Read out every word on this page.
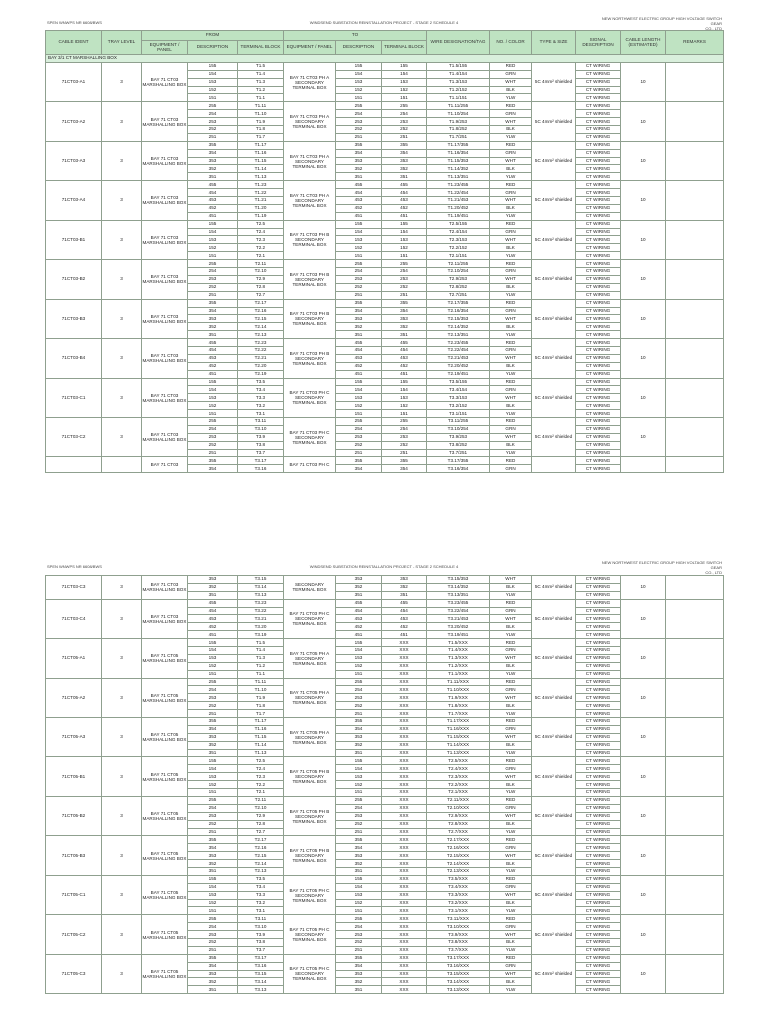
SPEN WNWPS NR 6608/BWS	WINDSEND SUBSTATION REINSTALLATION PROJECT - STAGE 2 SCHEDULE 4
NEW NORTHWEST ELECTRIC GROUP HIGH VOLTAGE SWITCH GEAR
CO., LTD
CABLE IDENT	TRAY LEVEL	FROM			TO			WIRE DESIGNATION/TAG	NO. / COLOR	TYPE & SIZE	SIGNAL DESCRIPTION	CABLE LENGTH (ESTIMATED)	REMARKS
		EQUIPMENT / PANEL	DESCRIPTION	TERMINAL BLOCK	EQUIPMENT / PANEL	DESCRIPTION	TERMINAL BLOCK						
BAY 3/1 CT MARSHALLING BOX													
71CT03-A1	3	BAY 71 CT03 MARSHALLING BOX	155	T1.5	BAY 71 CT03 PH A SECONDARY TERMINAL BOX	155	155	T1.5/155	RED	5C 4mm² shielded	CT WIRING	10	
			154	T1.4		154	154	T1.4/154	GRN		CT WIRING		
			153	T1.3		153	153	T1.3/153	WHT		CT WIRING		
			152	T1.2		152	152	T1.2/152	BLK		CT WIRING		
			151	T1.1		151	151	T1.1/151	YLW		CT WIRING		
71CT03-A2	3	BAY 71 CT03 MARSHALLING BOX	255	T1.11	BAY 71 CT03 PH A SECONDARY TERMINAL BOX	255	255	T1.11/255	RED	5C 4mm² shielded	CT WIRING	10	
			254	T1.10		254	254	T1.10/254	GRN		CT WIRING		
			253	T1.9		253	253	T1.9/253	WHT		CT WIRING		
			252	T1.8		252	252	T1.8/252	BLK		CT WIRING		
			251	T1.7		251	251	T1.7/251	YLW		CT WIRING		
71CT03-A3	3	BAY 71 CT03 MARSHALLING BOX	355	T1.17	BAY 71 CT03 PH A SECONDARY TERMINAL BOX	355	355	T1.17/355	RED	5C 4mm² shielded	CT WIRING	10	
			354	T1.16		354	354	T1.16/354	GRN		CT WIRING		
			353	T1.15		353	353	T1.15/353	WHT		CT WIRING		
			352	T1.14		352	352	T1.14/352	BLK		CT WIRING		
			351	T1.13		351	351	T1.13/351	YLW		CT WIRING		
71CT03-A4	3	BAY 71 CT03 MARSHALLING BOX	455	T1.23	BAY 71 CT03 PH A SECONDARY TERMINAL BOX	455	455	T1.23/455	RED	5C 4mm² shielded	CT WIRING	10	
			454	T1.22		454	454	T1.22/454	GRN		CT WIRING		
			453	T1.21		453	453	T1.21/453	WHT		CT WIRING		
			452	T1.20		452	452	T1.20/452	BLK		CT WIRING		
			451	T1.19		451	451	T1.19/451	YLW		CT WIRING		
71CT03-B1	3	BAY 71 CT03 MARSHALLING BOX	155	T2.5	BAY 71 CT03 PH B SECONDARY TERMINAL BOX	155	155	T2.5/155	RED	5C 4mm² shielded	CT WIRING	10	
			154	T2.4		154	154	T2.4/154	GRN		CT WIRING		
			153	T2.3		153	153	T2.3/153	WHT		CT WIRING		
			152	T2.2		152	152	T2.2/152	BLK		CT WIRING		
			151	T2.1		151	151	T2.1/151	YLW		CT WIRING		
71CT03-B2	3	BAY 71 CT03 MARSHALLING BOX	255	T2.11	BAY 71 CT03 PH B SECONDARY TERMINAL BOX	255	255	T2.11/255	RED	5C 4mm² shielded	CT WIRING	10	
			254	T2.10		254	254	T2.10/254	GRN		CT WIRING		
			253	T2.9		253	253	T2.9/253	WHT		CT WIRING		
			252	T2.8		252	252	T2.8/252	BLK		CT WIRING		
			251	T2.7		251	251	T2.7/251	YLW		CT WIRING		
71CT03-B3	3	BAY 71 CT03 MARSHALLING BOX	355	T2.17	BAY 71 CT03 PH B SECONDARY TERMINAL BOX	355	355	T2.17/355	RED	5C 4mm² shielded	CT WIRING	10	
			354	T2.16		354	354	T2.16/354	GRN		CT WIRING		
			353	T2.15		353	353	T2.15/353	WHT		CT WIRING		
			352	T2.14		352	352	T2.14/352	BLK		CT WIRING		
			351	T2.13		351	351	T2.13/351	YLW		CT WIRING		
71CT03-B4	3	BAY 71 CT03 MARSHALLING BOX	455	T2.23	BAY 71 CT03 PH B SECONDARY TERMINAL BOX	455	455	T2.23/455	RED	5C 4mm² shielded	CT WIRING	10	
			454	T2.22		454	454	T2.22/454	GRN		CT WIRING		
			453	T2.21		453	453	T2.21/453	WHT		CT WIRING		
			452	T2.20		452	452	T2.20/452	BLK		CT WIRING		
			451	T2.19		451	451	T2.19/451	YLW		CT WIRING		
71CT03-C1	3	BAY 71 CT03 MARSHALLING BOX	155	T3.5	BAY 71 CT03 PH C SECONDARY TERMINAL BOX	155	155	T3.5/155	RED	5C 4mm² shielded	CT WIRING	10	
			154	T3.4		154	154	T3.4/154	GRN		CT WIRING		
			153	T3.3		153	153	T3.3/153	WHT		CT WIRING		
			152	T3.2		152	152	T3.2/152	BLK		CT WIRING		
			151	T3.1		151	151	T3.1/151	YLW		CT WIRING		
71CT03-C2	3	BAY 71 CT03 MARSHALLING BOX	255	T3.11	BAY 71 CT03 PH C SECONDARY TERMINAL BOX	255	255	T3.11/255	RED	5C 4mm² shielded	CT WIRING	10	
			254	T3.10		254	254	T3.10/254	GRN		CT WIRING		
			253	T3.9		253	253	T3.9/253	WHT		CT WIRING		
			252	T3.8		252	252	T3.8/252	BLK		CT WIRING		
			251	T3.7		251	251	T3.7/251	YLW		CT WIRING		
		BAY 71 CT03	355	T3.17	BAY 71 CT03 PH C	355	355	T3.17/355	RED		CT WIRING		
			354	T3.16		354	354	T3.16/354	GRN		CT WIRING		
SPEN WNWPS NR 6608/BWS	WINDSEND SUBSTATION REINSTALLATION PROJECT - STAGE 2 SCHEDULE 4
NEW NORTHWEST ELECTRIC GROUP HIGH VOLTAGE SWITCH GEAR
CO., LTD
71CT03-C3	3	BAY 71 CT03 MARSHALLING BOX	353	T3.15	SECONDARY TERMINAL BOX	353	353	T3.15/353	WHT	5C 4mm² shielded	CT WIRING	10	
			352	T3.14		352	352	T3.14/352	BLK		CT WIRING		
			351	T3.13		351	351	T3.13/351	YLW		CT WIRING		
71CT03-C4	3	BAY 71 CT03 MARSHALLING BOX	455	T3.23	BAY 71 CT03 PH C SECONDARY TERMINAL BOX	455	455	T3.23/455	RED	5C 4mm² shielded	CT WIRING	10	
			454	T3.22		454	454	T3.22/454	GRN		CT WIRING		
			453	T3.21		453	453	T3.21/453	WHT		CT WIRING		
			452	T3.20		452	452	T3.20/452	BLK		CT WIRING		
			451	T3.19		451	451	T3.19/451	YLW		CT WIRING		
71CT05-A1	3	BAY 71 CT05 MARSHALLING BOX	155	T1.5	BAY 71 CT05 PH A SECONDARY TERMINAL BOX	155	XXX	T1.5/XXX	RED	5C 4mm² shielded	CT WIRING	10	
			154	T1.4		154	XXX	T1.4/XXX	GRN		CT WIRING		
			153	T1.3		153	XXX	T1.3/XXX	WHT		CT WIRING		
			152	T1.2		152	XXX	T1.2/XXX	BLK		CT WIRING		
			151	T1.1		151	XXX	T1.1/XXX	YLW		CT WIRING		
71CT05-A2	3	BAY 71 CT05 MARSHALLING BOX	255	T1.11	BAY 71 CT05 PH A SECONDARY TERMINAL BOX	255	XXX	T1.11/XXX	RED	5C 4mm² shielded	CT WIRING	10	
			254	T1.10		254	XXX	T1.10/XXX	GRN		CT WIRING		
			253	T1.9		253	XXX	T1.9/XXX	WHT		CT WIRING		
			252	T1.8		252	XXX	T1.8/XXX	BLK		CT WIRING		
			251	T1.7		251	XXX	T1.7/XXX	YLW		CT WIRING		
71CT05-A3	3	BAY 71 CT05 MARSHALLING BOX	355	T1.17	BAY 71 CT05 PH A SECONDARY TERMINAL BOX	355	XXX	T1.17/XXX	RED	5C 4mm² shielded	CT WIRING	10	
			354	T1.16		354	XXX	T1.16/XXX	GRN		CT WIRING		
			353	T1.15		353	XXX	T1.15/XXX	WHT		CT WIRING		
			352	T1.14		352	XXX	T1.14/XXX	BLK		CT WIRING		
			351	T1.13		351	XXX	T1.13/XXX	YLW		CT WIRING		
71CT05-B1	3	BAY 71 CT05 MARSHALLING BOX	155	T2.5	BAY 71 CT05 PH B SECONDARY TERMINAL BOX	155	XXX	T2.5/XXX	RED	5C 4mm² shielded	CT WIRING	10	
			154	T2.4		154	XXX	T2.4/XXX	GRN		CT WIRING		
			153	T2.3		153	XXX	T2.3/XXX	WHT		CT WIRING		
			152	T2.2		152	XXX	T2.2/XXX	BLK		CT WIRING		
			151	T2.1		151	XXX	T2.1/XXX	YLW		CT WIRING		
71CT05-B2	3	BAY 71 CT05 MARSHALLING BOX	255	T2.11	BAY 71 CT05 PH B SECONDARY TERMINAL BOX	255	XXX	T2.11/XXX	RED	5C 4mm² shielded	CT WIRING	10	
			254	T2.10		254	XXX	T2.10/XXX	GRN		CT WIRING		
			253	T2.9		253	XXX	T2.9/XXX	WHT		CT WIRING		
			252	T2.8		252	XXX	T2.8/XXX	BLK		CT WIRING		
			251	T2.7		251	XXX	T2.7/XXX	YLW		CT WIRING		
71CT05-B3	3	BAY 71 CT05 MARSHALLING BOX	355	T2.17	BAY 71 CT05 PH B SECONDARY TERMINAL BOX	355	XXX	T2.17/XXX	RED	5C 4mm² shielded	CT WIRING	10	
			354	T2.16		354	XXX	T2.16/XXX	GRN		CT WIRING		
			353	T2.15		353	XXX	T2.15/XXX	WHT		CT WIRING		
			352	T2.14		352	XXX	T2.14/XXX	BLK		CT WIRING		
			351	T2.13		351	XXX	T2.13/XXX	YLW		CT WIRING		
71CT05-C1	3	BAY 71 CT05 MARSHALLING BOX	155	T3.5	BAY 71 CT05 PH C SECONDARY TERMINAL BOX	155	XXX	T3.5/XXX	RED	5C 4mm² shielded	CT WIRING	10	
			154	T3.4		154	XXX	T3.4/XXX	GRN		CT WIRING		
			153	T3.3		153	XXX	T3.3/XXX	WHT		CT WIRING		
			152	T3.2		152	XXX	T3.2/XXX	BLK		CT WIRING		
			151	T3.1		151	XXX	T3.1/XXX	YLW		CT WIRING		
71CT05-C2	3	BAY 71 CT05 MARSHALLING BOX	255	T3.11	BAY 71 CT05 PH C SECONDARY TERMINAL BOX	255	XXX	T3.11/XXX	RED	5C 4mm² shielded	CT WIRING	10	
			254	T3.10		254	XXX	T3.10/XXX	GRN		CT WIRING		
			253	T3.9		253	XXX	T3.9/XXX	WHT		CT WIRING		
			252	T3.8		252	XXX	T3.8/XXX	BLK		CT WIRING		
			251	T3.7		251	XXX	T3.7/XXX	YLW		CT WIRING		
71CT05-C3	3	BAY 71 CT05 MARSHALLING BOX	355	T3.17	BAY 71 CT05 PH C SECONDARY TERMINAL BOX	355	XXX	T3.17/XXX	RED	5C 4mm² shielded	CT WIRING	10	
			354	T3.16		354	XXX	T3.16/XXX	GRN		CT WIRING		
			353	T3.15		353	XXX	T3.15/XXX	WHT		CT WIRING		
			352	T3.14		352	XXX	T3.14/XXX	BLK		CT WIRING		
			351	T3.13		351	XXX	T3.13/XXX	YLW		CT WIRING		
